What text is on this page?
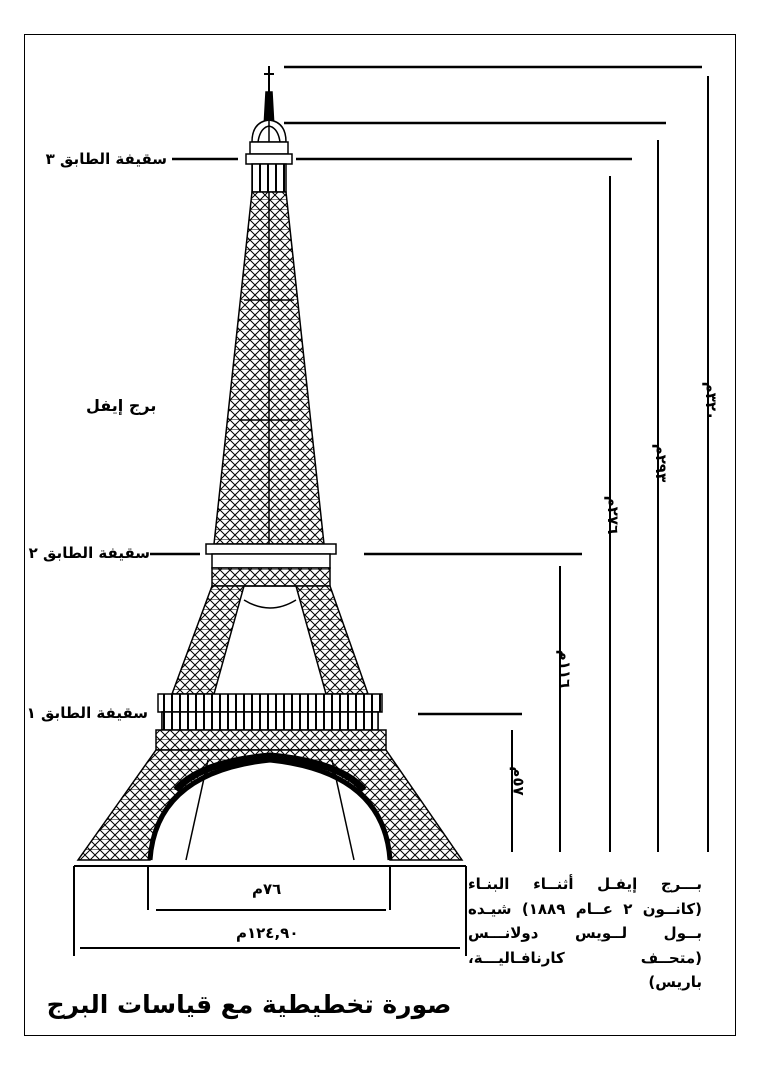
سقيفة الطابق ٣
سقيفة الطابق ٢
سقيفة الطابق ١
برج إيفل
٣٢٠م
٢٩٣م
٢٧٦م
١١٦م
٥٧م
٧٦م
١٢٤,٩٠م
بـــرج إيفـل أثنــاء البنـاء
(كانــون ٢ عــام ١٨٨٩) شيـده
بــول لــويس دولانـــس
(متحــف كارنافـاليـــة،
باريس)
صورة تخطيطية مع قياسات البرج
